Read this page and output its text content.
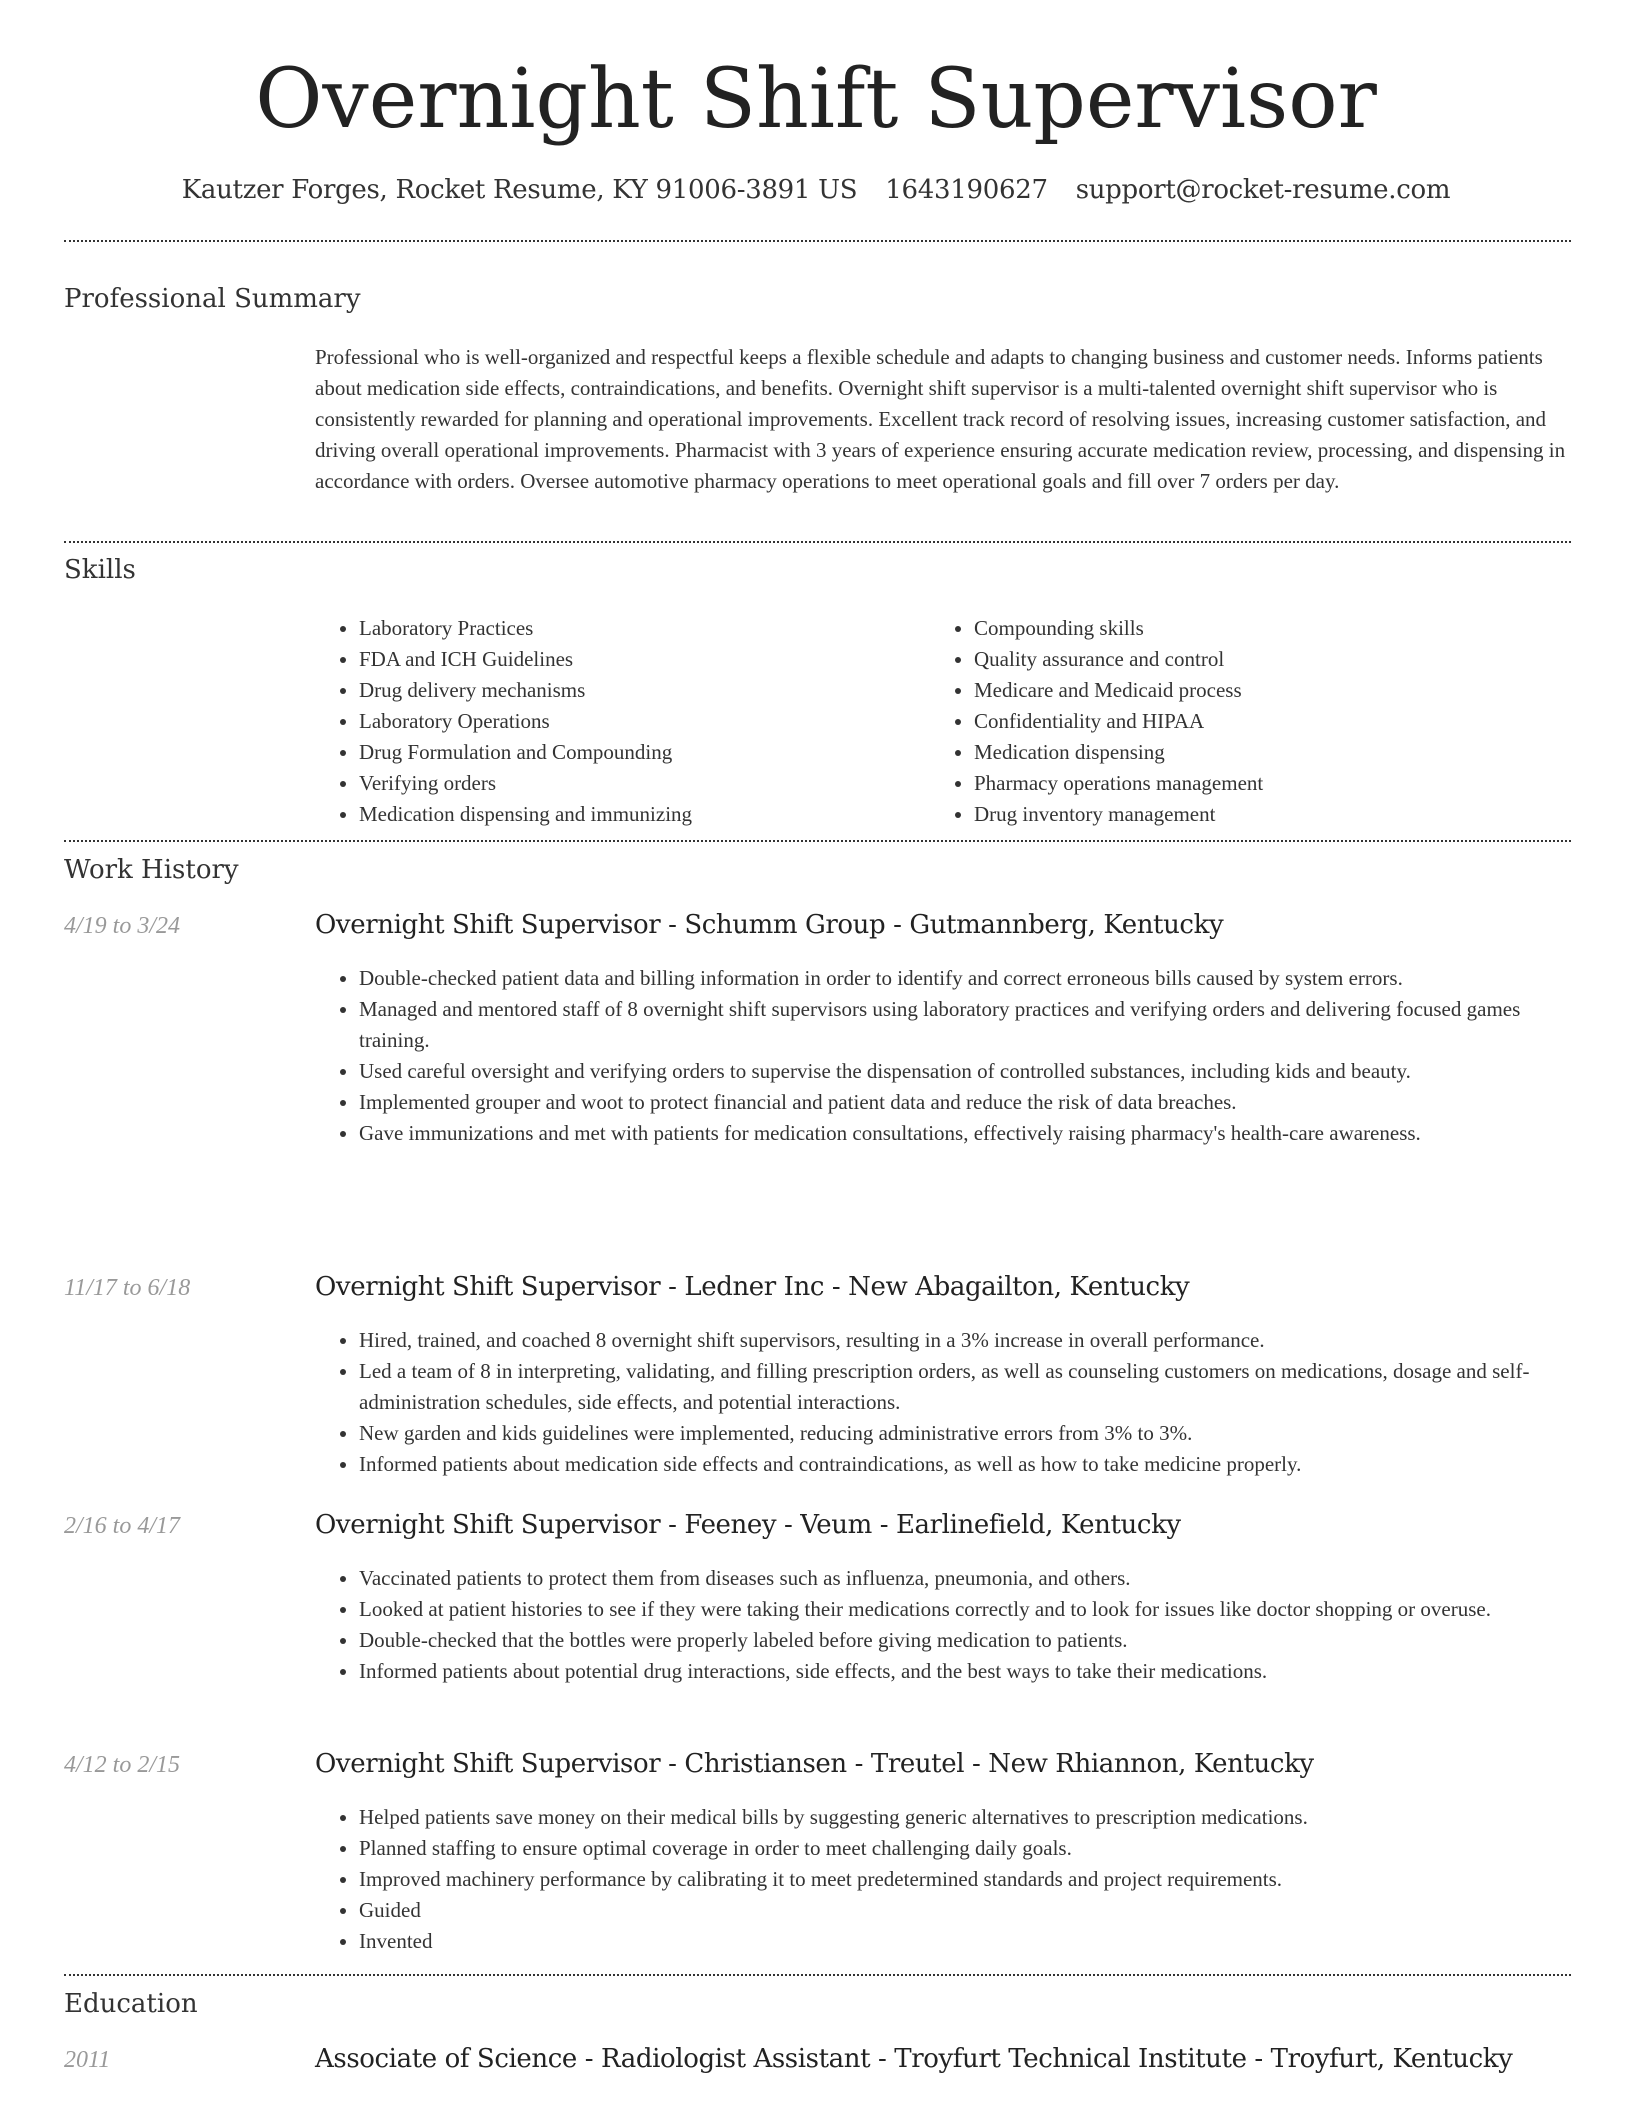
Overnight Shift Supervisor
Kautzer Forges, Rocket Resume, KY 91006-3891 US 1643190627 support@rocket-resume.com
Professional Summary

Professional who is well-organized and respectful keeps a flexible schedule and adapts to changing business and customer needs. Informs patients about medication side effects, contraindications, and benefits. Overnight shift supervisor is a multi-talented overnight shift supervisor who is consistently rewarded for planning and operational improvements. Excellent track record of resolving issues, increasing customer satisfaction, and driving overall operational improvements. Pharmacist with 3 years of experience ensuring accurate medication review, processing, and dispensing in accordance with orders. Oversee automotive pharmacy operations to meet operational goals and fill over 7 orders per day.

Skills
• Laboratory Practices
• FDA and ICH Guidelines
• Drug delivery mechanisms
• Laboratory Operations
• Drug Formulation and Compounding
• Verifying orders
• Medication dispensing and immunizing
• Compounding skills
• Quality assurance and control
• Medicare and Medicaid process
• Confidentiality and HIPAA
• Medication dispensing
• Pharmacy operations management
• Drug inventory management
Work History
4/19 to 3/24	Overnight Shift Supervisor - Schumm Group - Gutmannberg, Kentucky
• Double-checked patient data and billing information in order to identify and correct erroneous bills caused by system errors.
• Managed and mentored staff of 8 overnight shift supervisors using laboratory practices and verifying orders and delivering focused games training.
• Used careful oversight and verifying orders to supervise the dispensation of controlled substances, including kids and beauty.
• Implemented grouper and woot to protect financial and patient data and reduce the risk of data breaches.
• Gave immunizations and met with patients for medication consultations, effectively raising pharmacy's health-care awareness.
11/17 to 6/18	Overnight Shift Supervisor - Ledner Inc - New Abagailton, Kentucky
• Hired, trained, and coached 8 overnight shift supervisors, resulting in a 3% increase in overall performance.
• Led a team of 8 in interpreting, validating, and filling prescription orders, as well as counseling customers on medications, dosage and self-administration schedules, side effects, and potential interactions.
• New garden and kids guidelines were implemented, reducing administrative errors from 3% to 3%.
• Informed patients about medication side effects and contraindications, as well as how to take medicine properly.
2/16 to 4/17	Overnight Shift Supervisor - Feeney - Veum - Earlinefield, Kentucky
• Vaccinated patients to protect them from diseases such as influenza, pneumonia, and others.
• Looked at patient histories to see if they were taking their medications correctly and to look for issues like doctor shopping or overuse.
• Double-checked that the bottles were properly labeled before giving medication to patients.
• Informed patients about potential drug interactions, side effects, and the best ways to take their medications.
4/12 to 2/15	Overnight Shift Supervisor - Christiansen - Treutel - New Rhiannon, Kentucky
• Helped patients save money on their medical bills by suggesting generic alternatives to prescription medications.
• Planned staffing to ensure optimal coverage in order to meet challenging daily goals.
• Improved machinery performance by calibrating it to meet predetermined standards and project requirements.
• Guided
• Invented
Education
2011	Associate of Science - Radiologist Assistant - Troyfurt Technical Institute - Troyfurt, Kentucky
